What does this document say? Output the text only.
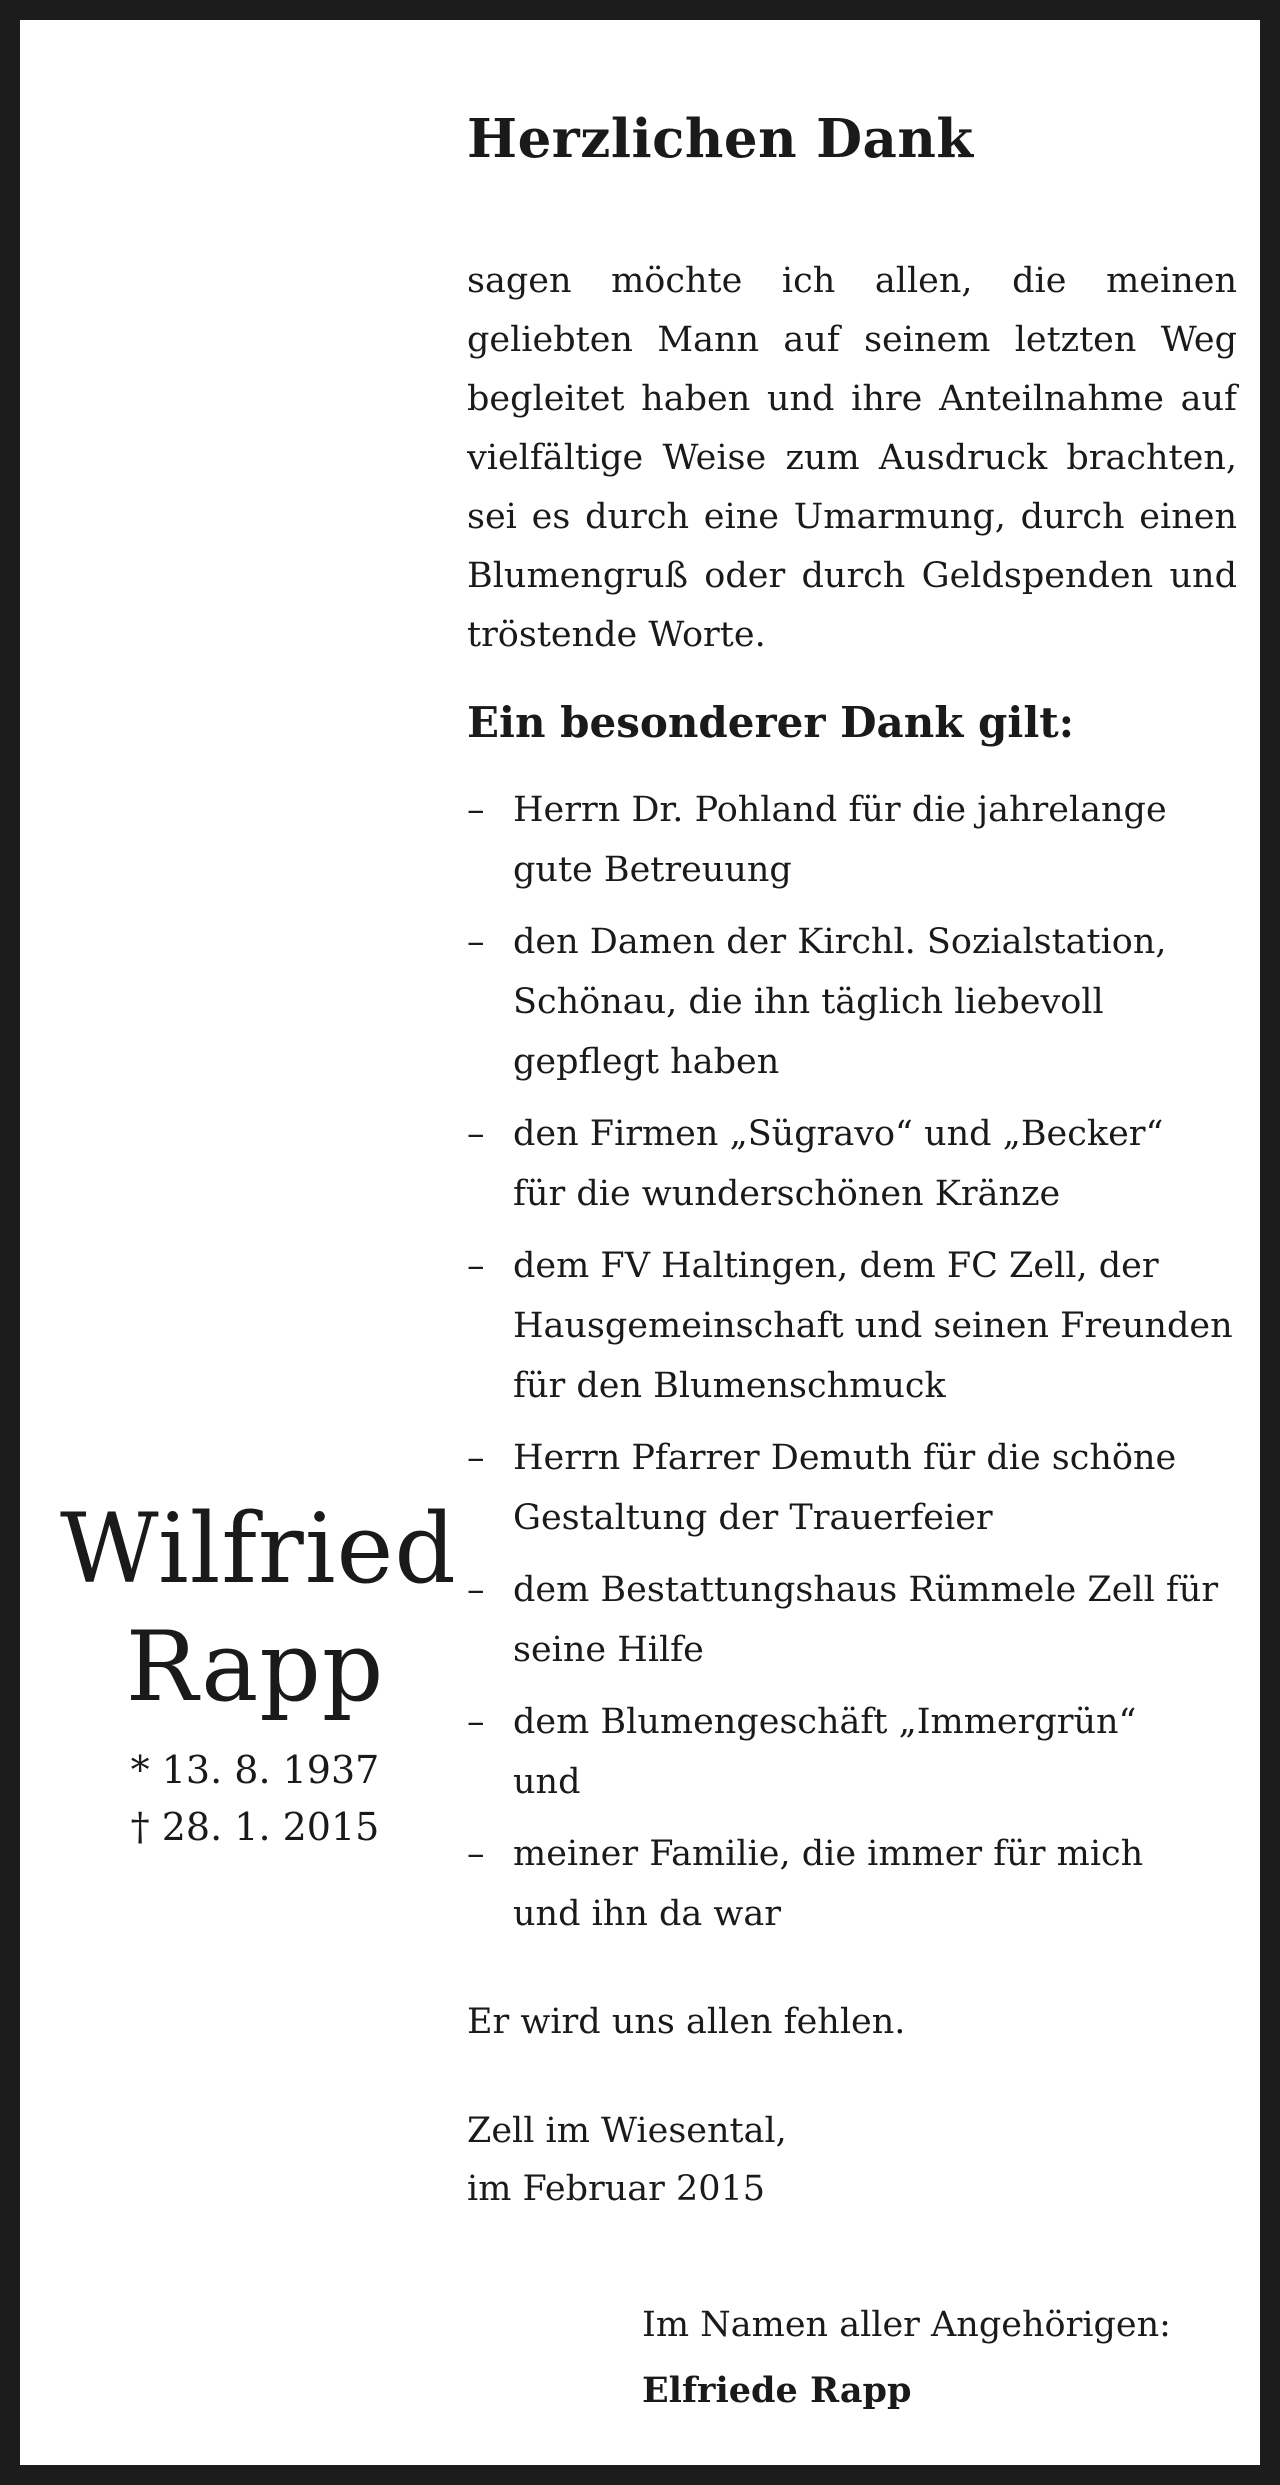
Wilfried
Rapp
* 13. 8. 1937
† 28. 1. 2015
Herzlichen Dank

sagen möchte ich allen, die meinen geliebten Mann auf seinem letzten Weg begleitet haben und ihre Anteilnahme auf vielfältige Weise zum Ausdruck brachten, sei es durch eine Umarmung, durch einen Blumengruß oder durch Geldspenden und tröstende Worte.

Ein besonderer Dank gilt:
– Herrn Dr. Pohland für die jahrelange
gute Betreuung
– den Damen der Kirchl. Sozialstation,
Schönau, die ihn täglich liebevoll
gepflegt haben
– den Firmen „Sügravo“ und „Becker“
für die wunderschönen Kränze
– dem FV Haltingen, dem FC Zell, der
Hausgemeinschaft und seinen Freunden
für den Blumenschmuck
– Herrn Pfarrer Demuth für die schöne
Gestaltung der Trauerfeier
– dem Bestattungshaus Rümmele Zell für
seine Hilfe
– dem Blumengeschäft „Immergrün“
und
– meiner Familie, die immer für mich
und ihn da war

Er wird uns allen fehlen.

Zell im Wiesental,
im Februar 2015
Im Namen aller Angehörigen:
Elfriede Rapp
